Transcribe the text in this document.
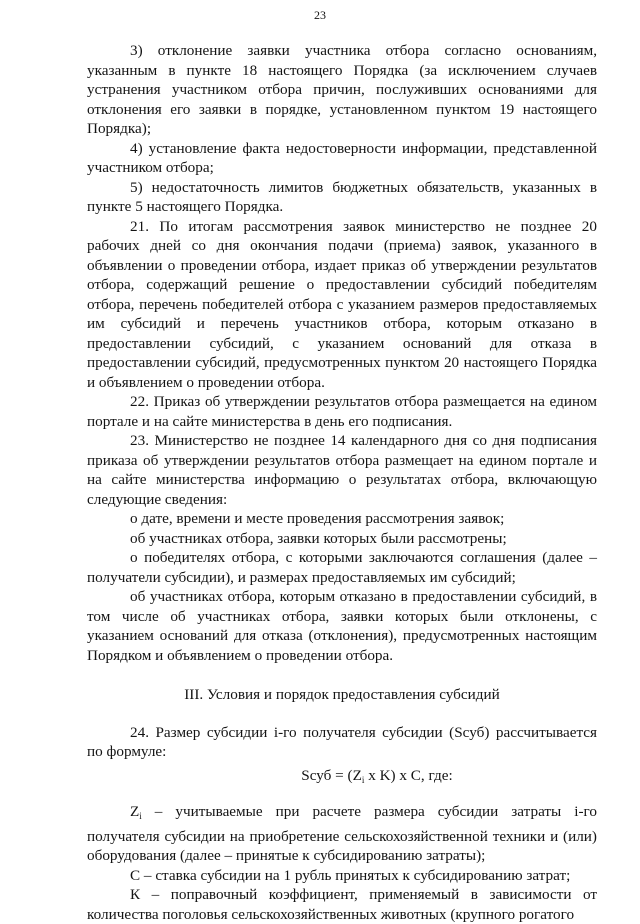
23

3) отклонение заявки участника отбора согласно основаниям, указанным в пункте 18 настоящего Порядка (за исключением случаев устранения участником отбора причин, послуживших основаниями для отклонения его заявки в порядке, установленном пунктом 19 настоящего Порядка);

4) установление факта недостоверности информации, представленной участником отбора;

5) недостаточность лимитов бюджетных обязательств, указанных в пункте 5 настоящего Порядка.

21. По итогам рассмотрения заявок министерство не позднее 20 рабочих дней со дня окончания подачи (приема) заявок, указанного в объявлении о проведении отбора, издает приказ об утверждении результатов отбора, содержащий решение о предоставлении субсидий победителям отбора, перечень победителей отбора с указанием размеров предоставляемых им субсидий и перечень участников отбора, которым отказано в предоставлении субсидий, с указанием оснований для отказа в предоставлении субсидий, предусмотренных пунктом 20 настоящего Порядка и объявлением о проведении отбора.

22. Приказ об утверждении результатов отбора размещается на едином портале и на сайте министерства в день его подписания.

23. Министерство не позднее 14 календарного дня со дня подписания приказа об утверждении результатов отбора размещает на едином портале и на сайте министерства информацию о результатах отбора, включающую следующие сведения:

о дате, времени и месте проведения рассмотрения заявок;

об участниках отбора, заявки которых были рассмотрены;

о победителях отбора, с которыми заключаются соглашения (далее – получатели субсидии), и размерах предоставляемых им субсидий;

об участниках отбора, которым отказано в предоставлении субсидий, в том числе об участниках отбора, заявки которых были отклонены, с указанием оснований для отказа (отклонения), предусмотренных настоящим Порядком и объявлением о проведении отбора.

III. Условия и порядок предоставления субсидий

24. Размер субсидии i-го получателя субсидии (Sсуб) рассчитывается по формуле:

Sсуб = ($Z_i$ x K) x C, где:

$Z_i$ – учитываемые при расчете размера субсидии затраты i-го получателя субсидии на приобретение сельскохозяйственной техники и (или) оборудования (далее – принятые к субсидированию затраты);

С – ставка субсидии на 1 рубль принятых к субсидированию затрат;

К – поправочный коэффициент, применяемый в зависимости от количества поголовья сельскохозяйственных животных (крупного рогатого
